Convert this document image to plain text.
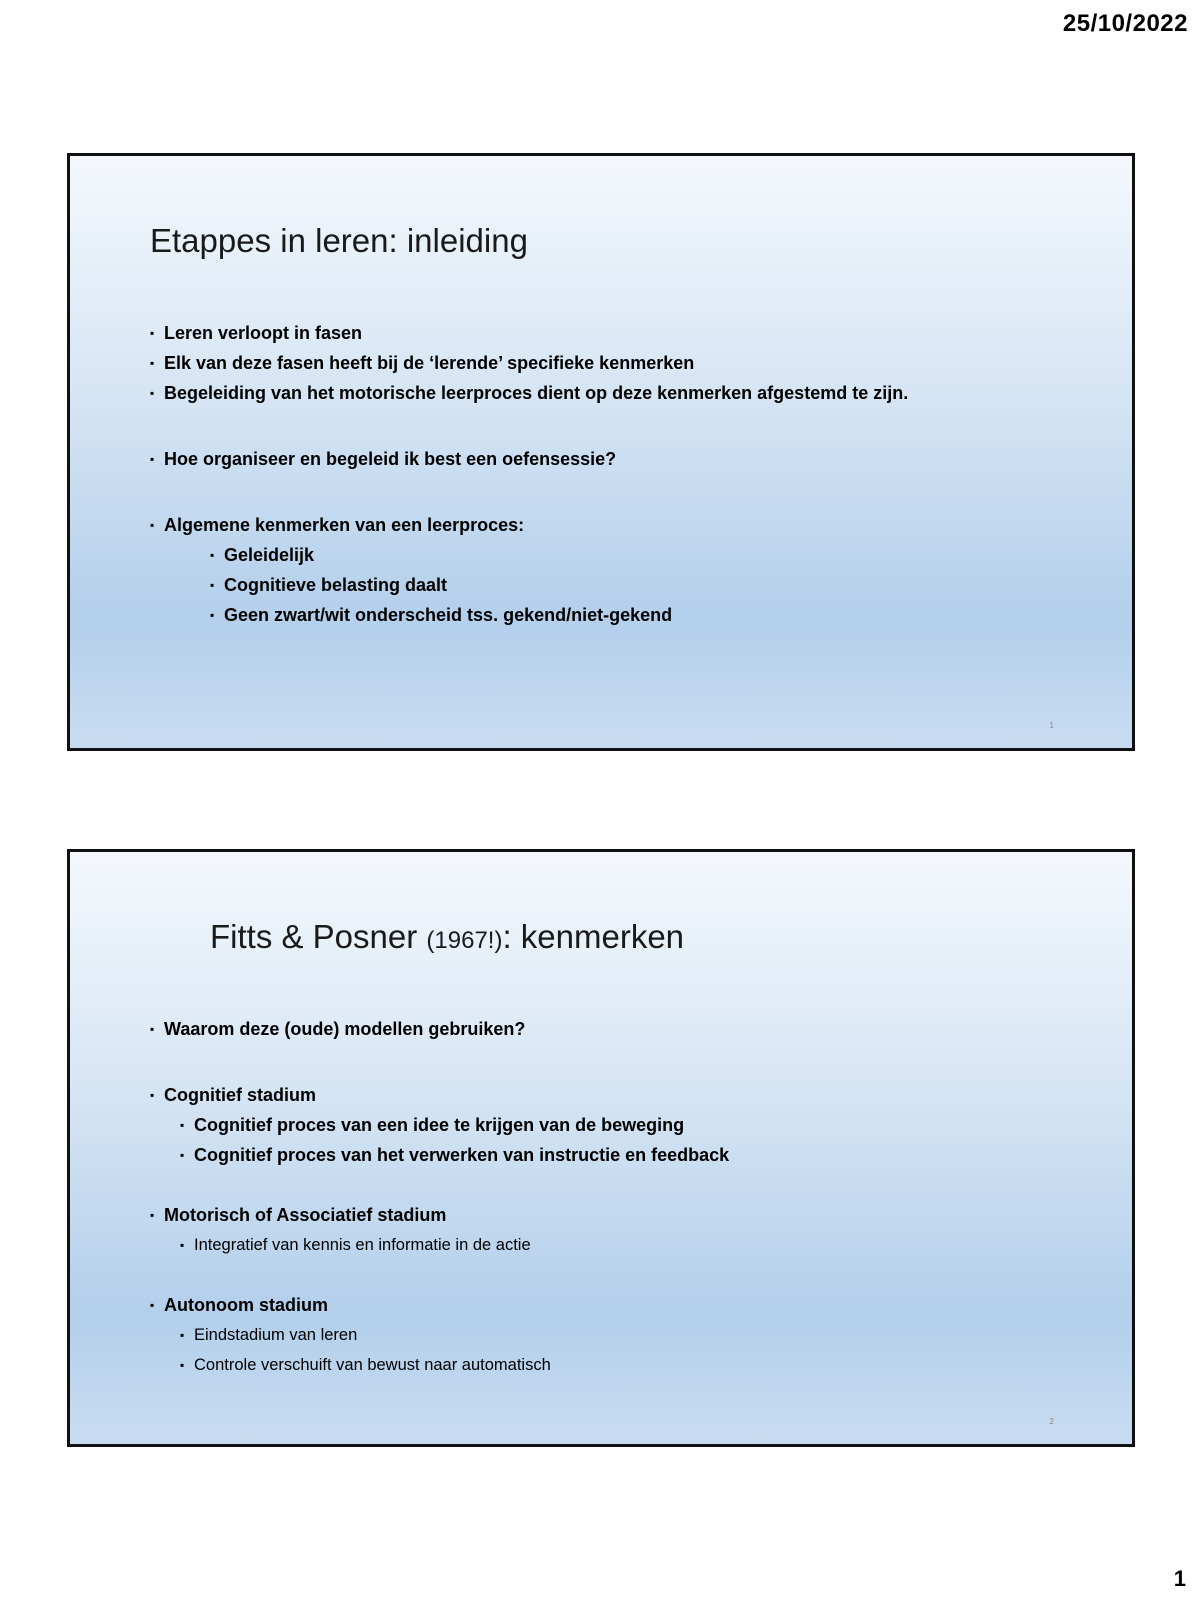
25/10/2022
Etappes in leren: inleiding
▪ Leren verloopt in fasen
▪ Elk van deze fasen heeft bij de ‘lerende’ specifieke kenmerken
▪ Begeleiding van het motorische leerproces dient op deze kenmerken afgestemd te zijn.
▪ Hoe organiseer en begeleid ik best een oefensessie?
▪ Algemene kenmerken van een leerproces:
▪ Geleidelijk
▪ Cognitieve belasting daalt
▪ Geen zwart/wit onderscheid tss. gekend/niet-gekend
1
Fitts & Posner (1967!): kenmerken
▪ Waarom deze (oude) modellen gebruiken?
▪ Cognitief stadium
▪ Cognitief proces van een idee te krijgen van de beweging
▪ Cognitief proces van het verwerken van instructie en feedback
▪ Motorisch of Associatief stadium
▪ Integratief van kennis en informatie in de actie
▪ Autonoom stadium
▪ Eindstadium van leren
▪ Controle verschuift van bewust naar automatisch
2
1
